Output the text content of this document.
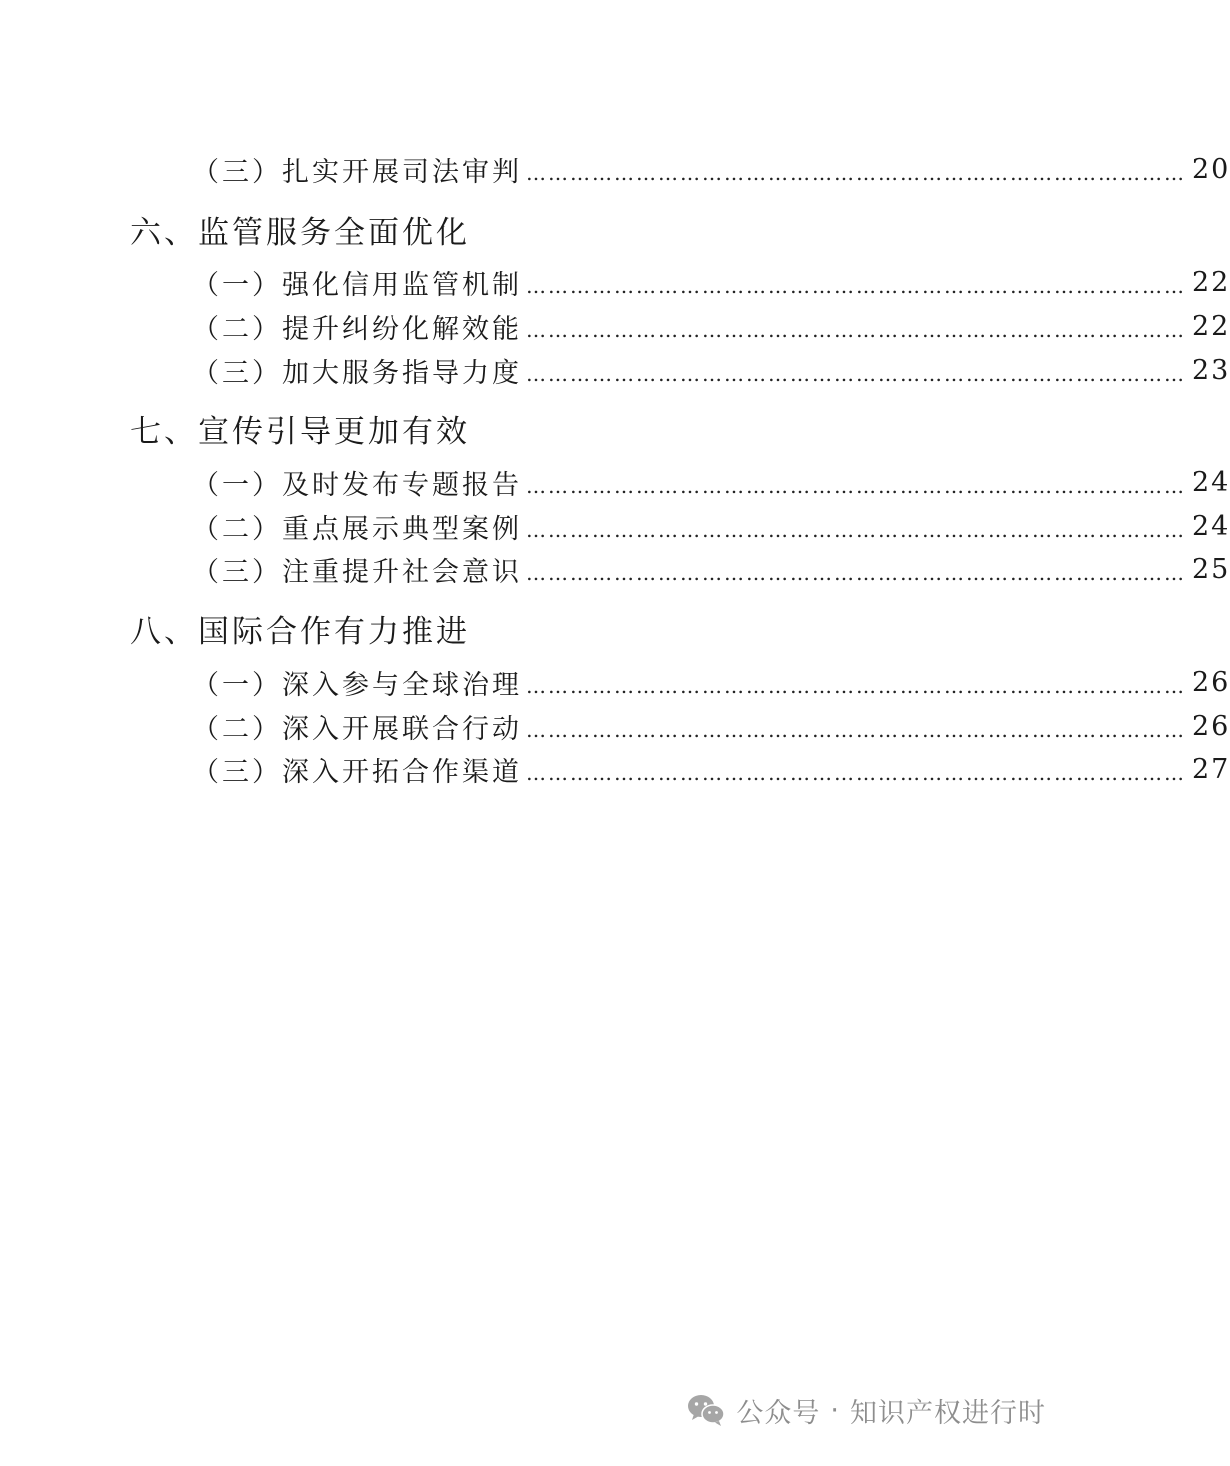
（三） 扎实开展司法审判 ……………………………………………………………………………… 20
六、监管服务全面优化
（一） 强化信用监管机制 ……………………………………………………………………………… 22
（二） 提升纠纷化解效能 ……………………………………………………………………………… 22
（三） 加大服务指导力度 ……………………………………………………………………………… 23
七、宣传引导更加有效
（一） 及时发布专题报告 ……………………………………………………………………………… 24
（二） 重点展示典型案例 ……………………………………………………………………………… 24
（三） 注重提升社会意识 ……………………………………………………………………………… 25
八、国际合作有力推进
（一） 深入参与全球治理 ……………………………………………………………………………… 26
（二） 深入开展联合行动 ……………………………………………………………………………… 26
（三） 深入开拓合作渠道 ……………………………………………………………………………… 27
公众号 · 知识产权进行时
